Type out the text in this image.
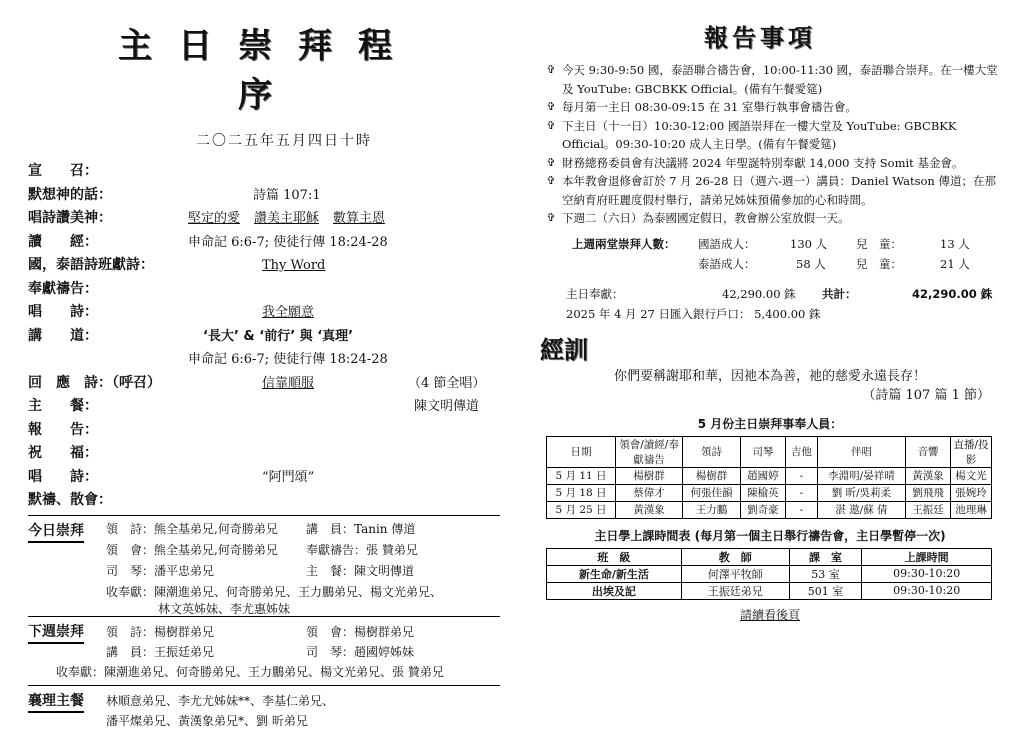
主日崇拜程序
二〇二五年五月四日十時
宣　　召：
默想神的話：	詩篇 107:1
唱詩讚美神：	堅定的愛 讚美主耶穌 數算主恩
讀　　經：	申命記 6:6-7; 使徒行傳 18:24-28
國，泰語詩班獻詩：	Thy Word
奉獻禱告：
唱　　詩：	我全願意
講　　道：	‘長大’ & ‘前行’ 與 ‘真理’
申命記 6:6-7; 使徒行傳 18:24-28
回　應　詩：（呼召）	信靠順服	（4 節全唱）
主　　餐：	陳文明傳道
報　　告：
祝　　福：
唱　　詩：	“阿門頌”
默禱、散會：
今日崇拜 領　詩：熊全基弟兄,何奇勝弟兄 講　員：Tanin 傳道
領　會：熊全基弟兄,何奇勝弟兄 奉獻禱告：張 贊弟兄
司　琴：潘平忠弟兄	主　餐：陳文明傳道
收奉獻：陳潮進弟兄、何奇勝弟兄、王力鵬弟兄、楊文光弟兄、
林文英姊妹、李尤惠姊妹
下週崇拜 領　詩：楊樹群弟兄	領　會：楊樹群弟兄
講　員：王振廷弟兄	司　琴：趙國婷姊妹
收奉獻：陳潮進弟兄、何奇勝弟兄、王力鵬弟兄、楊文光弟兄、張 贊弟兄
襄理主餐 林順意弟兄、李尤尤姊妹**、李基仁弟兄、
潘平燦弟兄、黃漢象弟兄*、劉 昕弟兄
報告事項
✞ 今天 9:30-9:50 國，泰語聯合禱告會，10:00-11:30 國，泰語聯合崇拜。在一樓大堂及 YouTube: GBCBKK Official。(備有午餐愛筵)
✞ 每月第一主日 08:30-09:15 在 31 室舉行執事會禱告會。
✞ 下主日（十一日）10:30-12:00 國語崇拜在一樓大堂及 YouTube: GBCBKK Official。09:30-10:20 成人主日學。(備有午餐愛筵)
✞ 財務總務委員會有決議將 2024 年聖誕特別奉獻 14,000 支持 Somit 基金會。
✞ 本年教會退修會訂於 7 月 26-28 日（週六-週一）講員：Daniel Watson 傳道；在那空納育府旺麗度假村舉行，請弟兄姊妹預備參加的心和時間。
✞ 下週二（六日）為泰國國定假日，教會辦公室放假一天。
上週兩堂崇拜人數： 國語成人：	130 人	兒　童：	13 人
泰語成人：	58 人	兒　童：	21 人
主日奉獻：	42,290.00 銖 共計：	42,290.00 銖
2025 年 4 月 27 日匯入銀行戶口： 5,400.00 銖
經訓
你們要稱謝耶和華，因祂本為善，祂的慈愛永遠長存！
（詩篇 107 篇 1 節）
5 月份主日崇拜事奉人員：
日期	領會/讀經/奉獻禱告	領詩	司琴	吉他	伴唱	音響	直播/投影
5 月 11 日	楊樹群	楊樹群	趙國婷	-	李淵明/晏祥晴	黃漢象	楊文光
5 月 18 日	蔡偉才	何張佳韻	陳榆英	-	劉 昕/吳莉柔	劉飛飛	張婉玲
5 月 25 日	黃漢象	王力鵬	劉奇豪	-	湛 遨/蘇 倩	王振廷	池理琳
主日學上課時間表 (每月第一個主日舉行禱告會，主日學暫停一次)
班　級	教　師	課　室	上課時間
新生命/新生活	何澤平牧師	53 室	09:30-10:20
出埃及記	王振廷弟兄	501 室	09:30-10:20
請續看後頁
